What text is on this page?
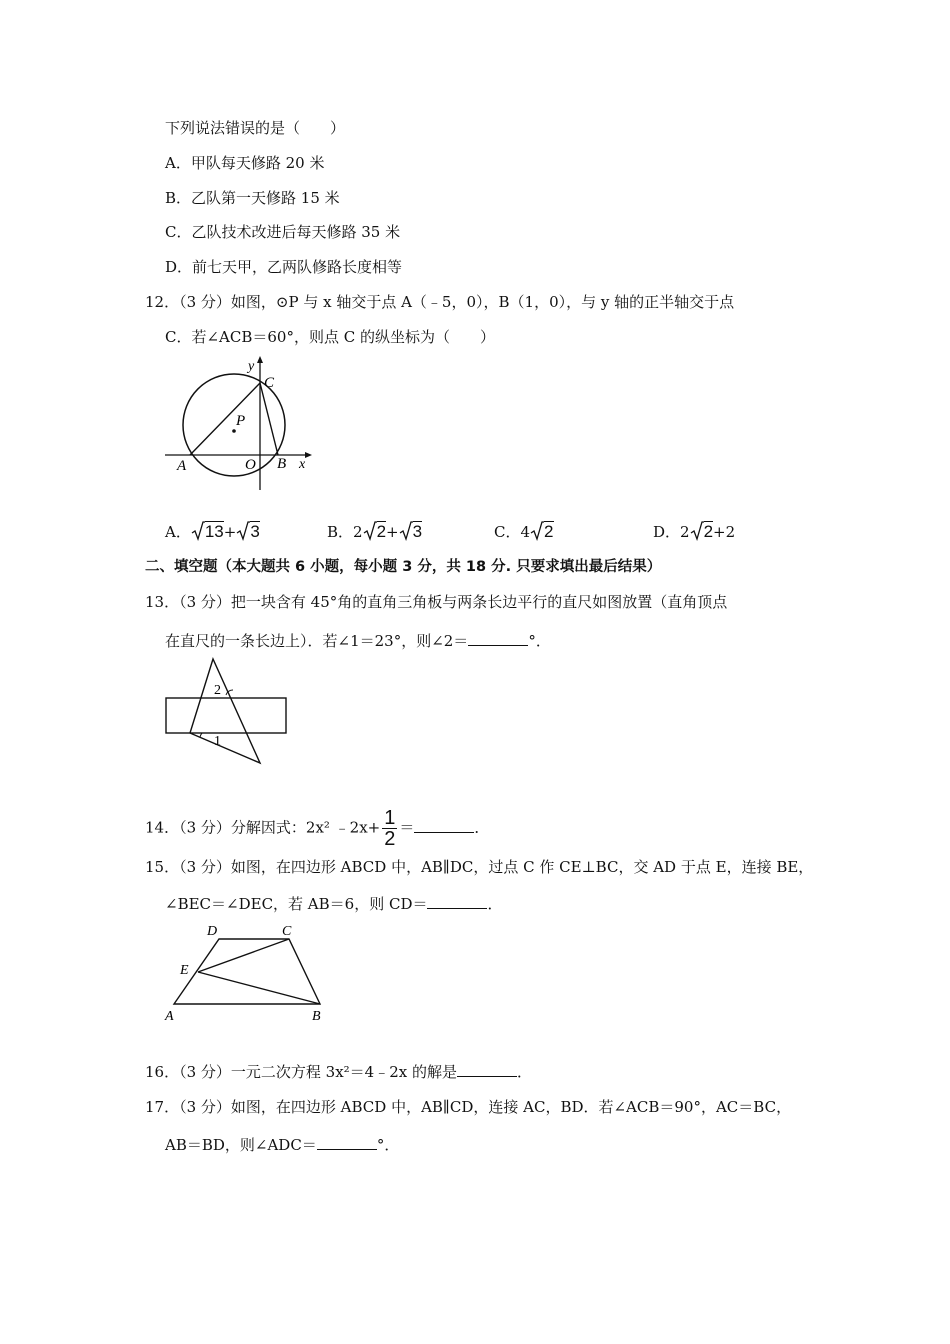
下列说法错误的是（　　）
A．甲队每天修路 20 米
B．乙队第一天修路 15 米
C．乙队技术改进后每天修路 35 米
D．前七天甲，乙两队修路长度相等
12．（3 分）如图，⊙P 与 x 轴交于点 A（﹣5，0），B（1，0），与 y 轴的正半轴交于点
C．若∠ACB＝60°，则点 C 的纵坐标为（　　）
y
C
P
A	O B x
A． 13+ 3	B．2 2+ 3	C．4 2	D．2 2+2
二、填空题（本大题共 6 小题，每小题 3 分，共 18 分. 只要求填出最后结果）
13．（3 分）把一块含有 45°角的直角三角板与两条长边平行的直尺如图放置（直角顶点
在直尺的一条长边上）．若∠1＝23°，则∠2＝	°．
2
1
14．（3 分）分解因式：2x² ﹣2x+ $\frac{1}{2}$ ＝	．
15．（3 分）如图，在四边形 ABCD 中，AB∥DC，过点 C 作 CE⊥BC，交 AD 于点 E，连接 BE，
∠BEC＝∠DEC，若 AB＝6，则 CD＝	．
D	C
E
A	B
16．（3 分）一元二次方程 3x²＝4﹣2x 的解是	．
17．（3 分）如图，在四边形 ABCD 中，AB∥CD，连接 AC，BD．若∠ACB＝90°，AC＝BC，
AB＝BD，则∠ADC＝	°．
